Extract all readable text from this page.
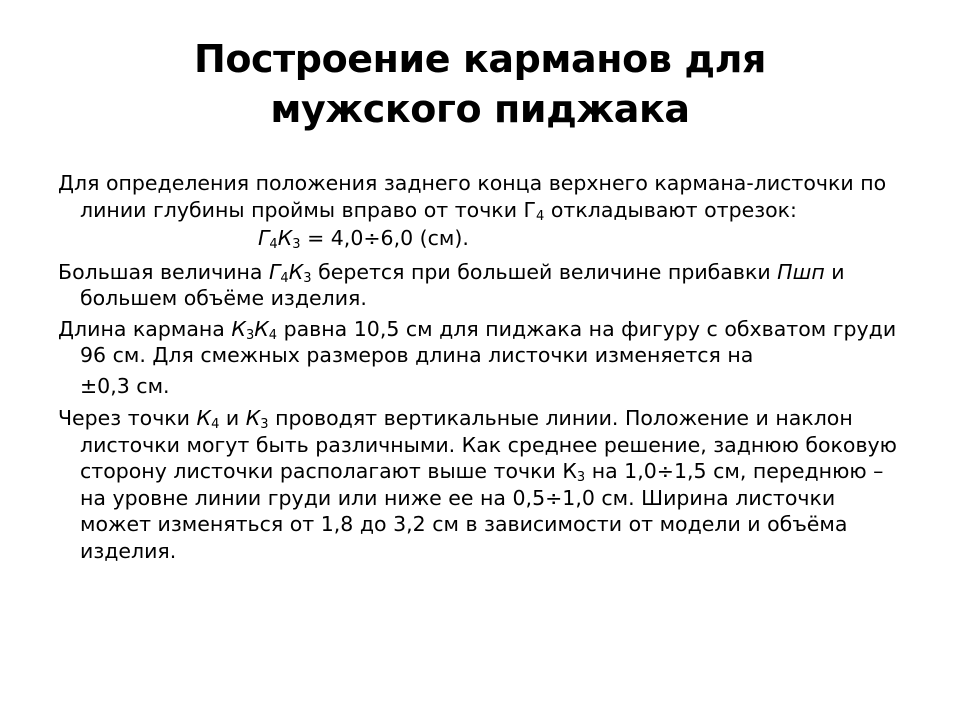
Построение карманов для
мужского пиджака

Для определения положения заднего конца верхнего кармана-листочки по линии глубины проймы вправо от точки $Г_4$ откладывают отрезок:

$Г_4К_3 = 4,0\div 6,0$ (см).

Большая величина $Г_4К_3$ берется при большей величине прибавки Пшп и большем объёме изделия.

Длина кармана $К_3К_4$ равна 10,5 см для пиджака на фигуру с обхватом груди 96 см. Для смежных размеров длина листочки изменяется на

±0,3 см.

Через точки $К_4$ и $К_3$ проводят вертикальные линии. Положение и наклон листочки могут быть различными. Как среднее решение, заднюю боковую сторону листочки располагают выше точки $К_3$ на 1,0÷1,5 см, переднюю – на уровне линии груди или ниже ее на 0,5÷1,0 см. Ширина листочки может изменяться от 1,8 до 3,2 см в зависимости от модели и объёма изделия.
